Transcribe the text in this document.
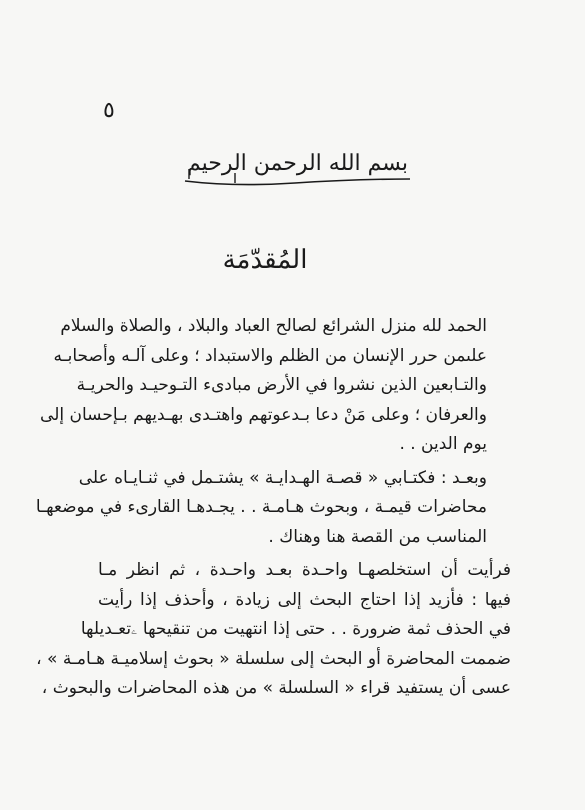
٥
بسم الله الرحمن الرحيم
المُقدّمَة
الحمد لله منزل الشرائع لصالح العباد والبلاد ، والصلاة والسلام
علىمن حرر الإنسان من الظلم والاستبداد ؛ وعلى آلـه وأصحابـه
والتـابعين الذين نشروا في الأرض مبادىء التـوحيـد والحريـة
والعرفان ؛ وعلى مَنْ دعا بـدعوتهم واهتـدى بهـديهم بـإحسان إلى
يوم الدين . .
وبعـد : فكتـابي « قصـة الهـدايـة » يشتـمل في ثنـايـاه على
محاضرات قيمـة ، وبحوث هـامـة . . يجـدهـا القارىء في موضعهـا
المناسب من القصة هنا وهناك .
فرأيت أن استخلصهـا واحـدة بعـد واحـدة ، ثم انظر مـا
فيها : فأزيد إذا احتاج البحث إلى زيادة ، وأحذف إذا رأيت
في الحذف ثمة ضرورة . . حتى إذا انتهيت من تنقيحها ۦتعـديلها
ضممت المحاضرة أو البحث إلى سلسلة « بحوث إسلاميـة هـامـة » ،
عسى أن يستفيد قراء « السلسلة » من هذه المحاضرات والبحوث ،
